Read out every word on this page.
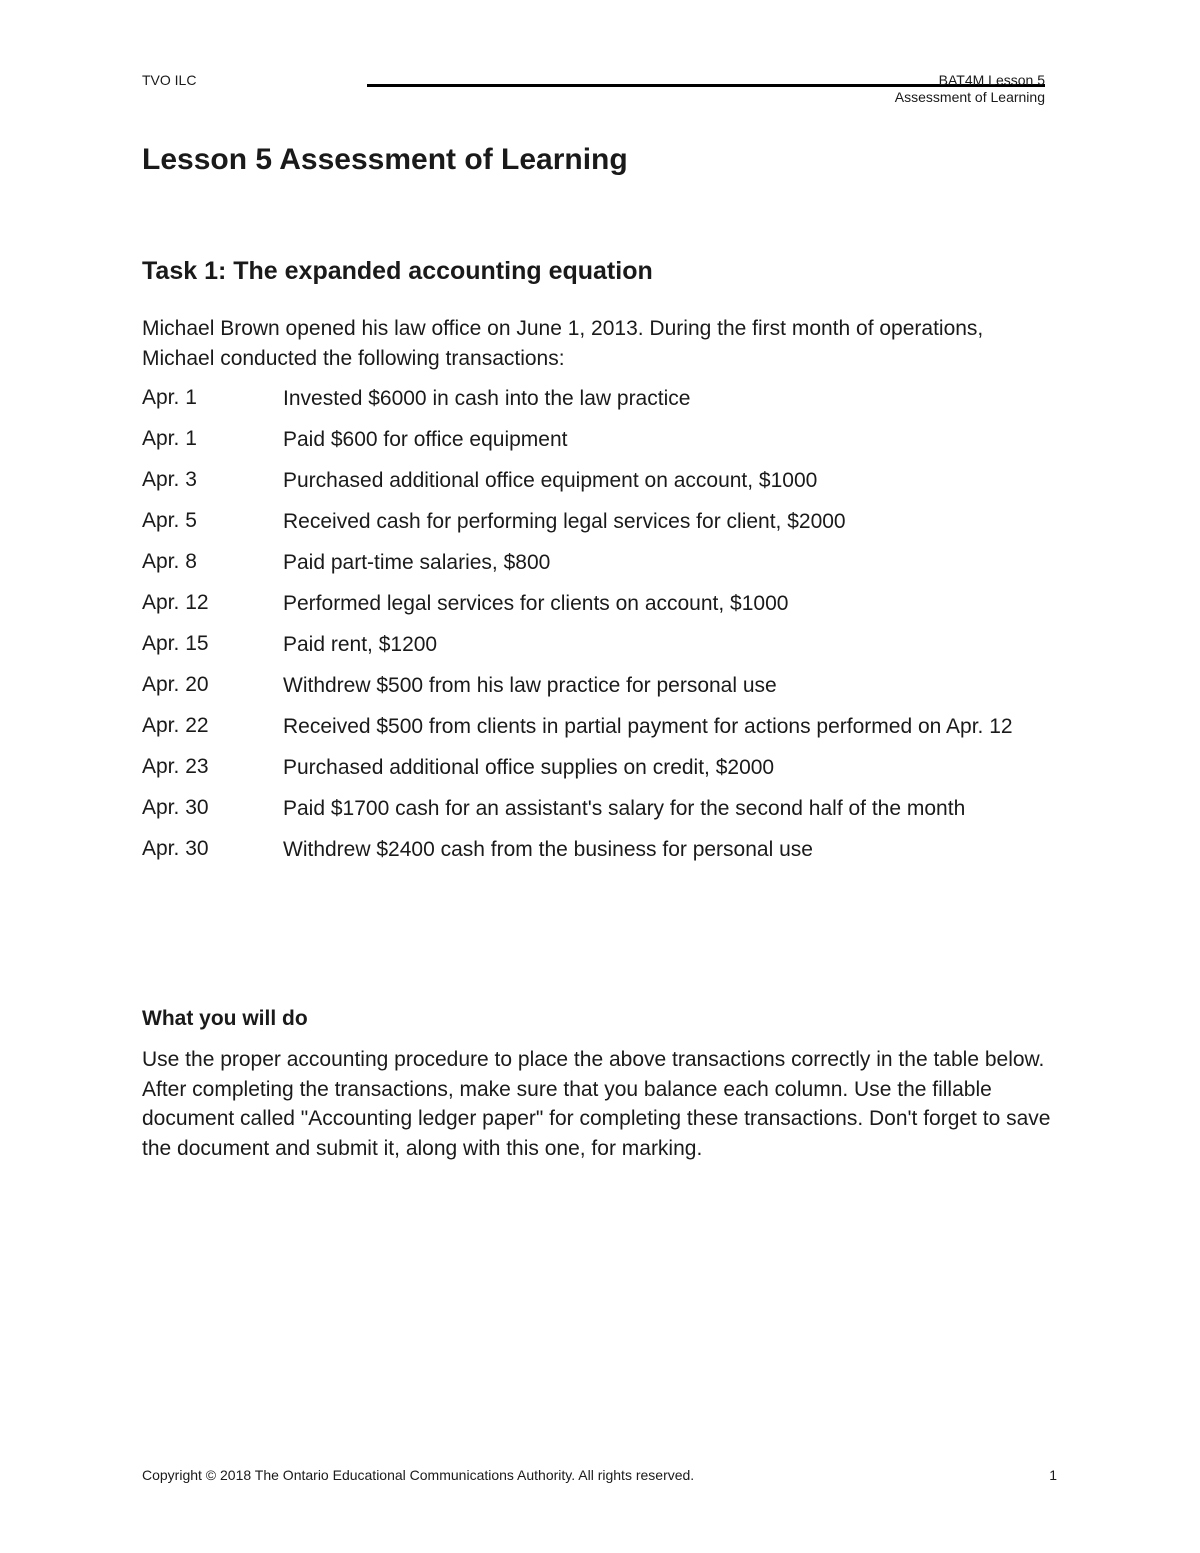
TVO ILC	BAT4M Lesson 5
Assessment of Learning
Lesson 5 Assessment of Learning
Task 1: The expanded accounting equation

Michael Brown opened his law office on June 1, 2013. During the first month of operations, Michael conducted the following transactions:

Apr. 1	Invested $6000 in cash into the law practice
Apr. 1	Paid $600 for office equipment
Apr. 3	Purchased additional office equipment on account, $1000
Apr. 5	Received cash for performing legal services for client, $2000
Apr. 8	Paid part-time salaries, $800
Apr. 12	Performed legal services for clients on account, $1000
Apr. 15	Paid rent, $1200
Apr. 20	Withdrew $500 from his law practice for personal use
Apr. 22	Received $500 from clients in partial payment for actions performed on Apr. 12
Apr. 23	Purchased additional office supplies on credit, $2000
Apr. 30	Paid $1700 cash for an assistant's salary for the second half of the month
Apr. 30	Withdrew $2400 cash from the business for personal use
What you will do

Use the proper accounting procedure to place the above transactions correctly in the table below. After completing the transactions, make sure that you balance each column. Use the fillable document called "Accounting ledger paper" for completing these transactions. Don't forget to save the document and submit it, along with this one, for marking.

Copyright © 2018 The Ontario Educational Communications Authority. All rights reserved.	1
